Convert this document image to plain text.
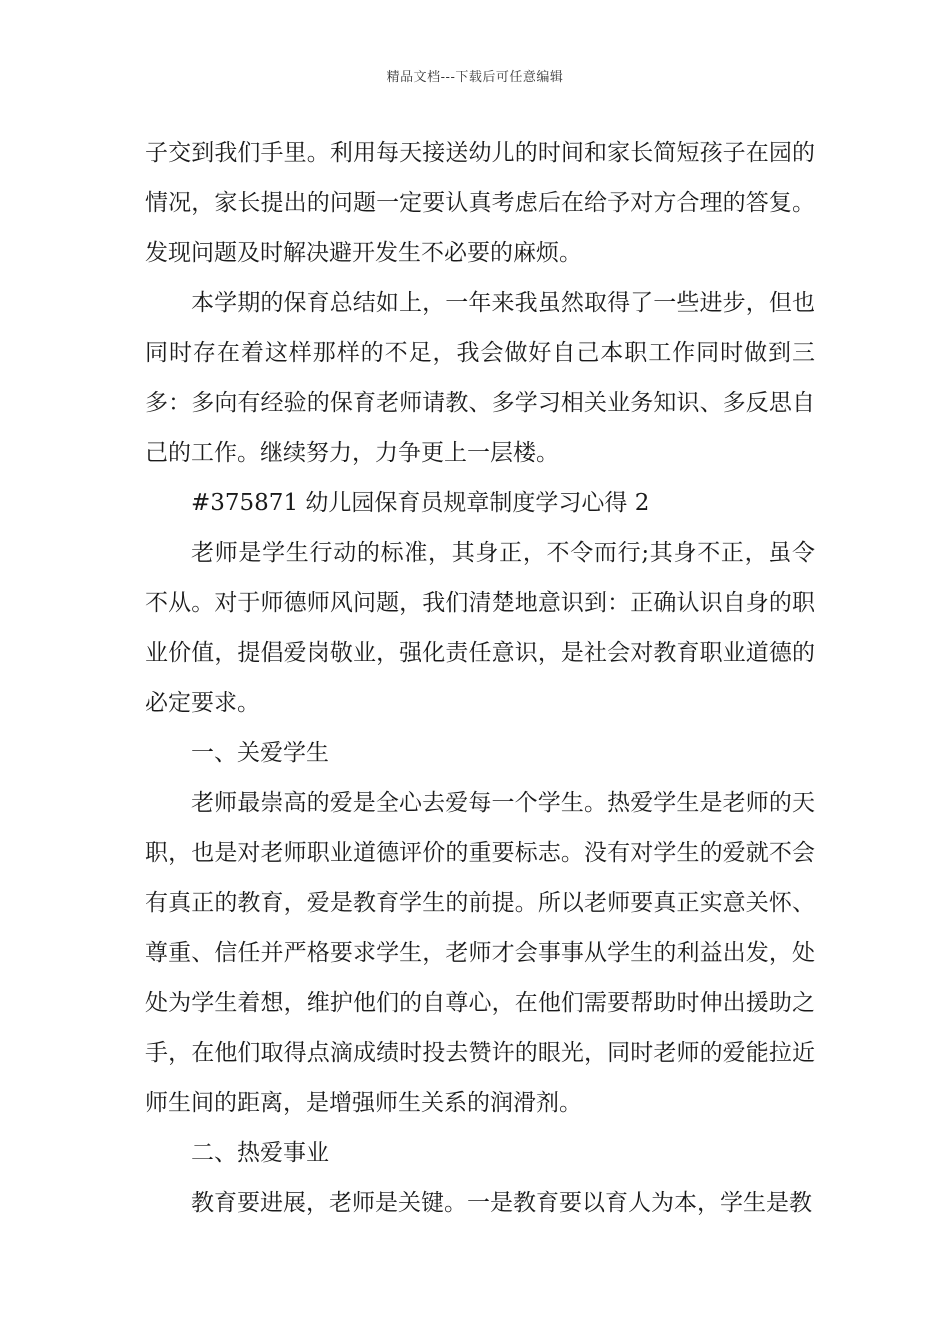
精品文档---下载后可任意编辑

子交到我们手里。利用每天接送幼儿的时间和家长简短孩子在园的情况，家长提出的问题一定要认真考虑后在给予对方合理的答复。发现问题及时解决避开发生不必要的麻烦。

本学期的保育总结如上，一年来我虽然取得了一些进步，但也同时存在着这样那样的不足，我会做好自己本职工作同时做到三多：多向有经验的保育老师请教、多学习相关业务知识、多反思自己的工作。继续努力，力争更上一层楼。

#375871 幼儿园保育员规章制度学习心得 2

老师是学生行动的标准，其身正，不令而行;其身不正，虽令不从。对于师德师风问题，我们清楚地意识到：正确认识自身的职业价值，提倡爱岗敬业，强化责任意识，是社会对教育职业道德的必定要求。

一、关爱学生

老师最崇高的爱是全心去爱每一个学生。热爱学生是老师的天职，也是对老师职业道德评价的重要标志。没有对学生的爱就不会有真正的教育，爱是教育学生的前提。所以老师要真正实意关怀、尊重、信任并严格要求学生，老师才会事事从学生的利益出发，处处为学生着想，维护他们的自尊心，在他们需要帮助时伸出援助之手，在他们取得点滴成绩时投去赞许的眼光，同时老师的爱能拉近师生间的距离，是增强师生关系的润滑剂。

二、热爱事业

教育要进展，老师是关键。一是教育要以育人为本，学生是教
